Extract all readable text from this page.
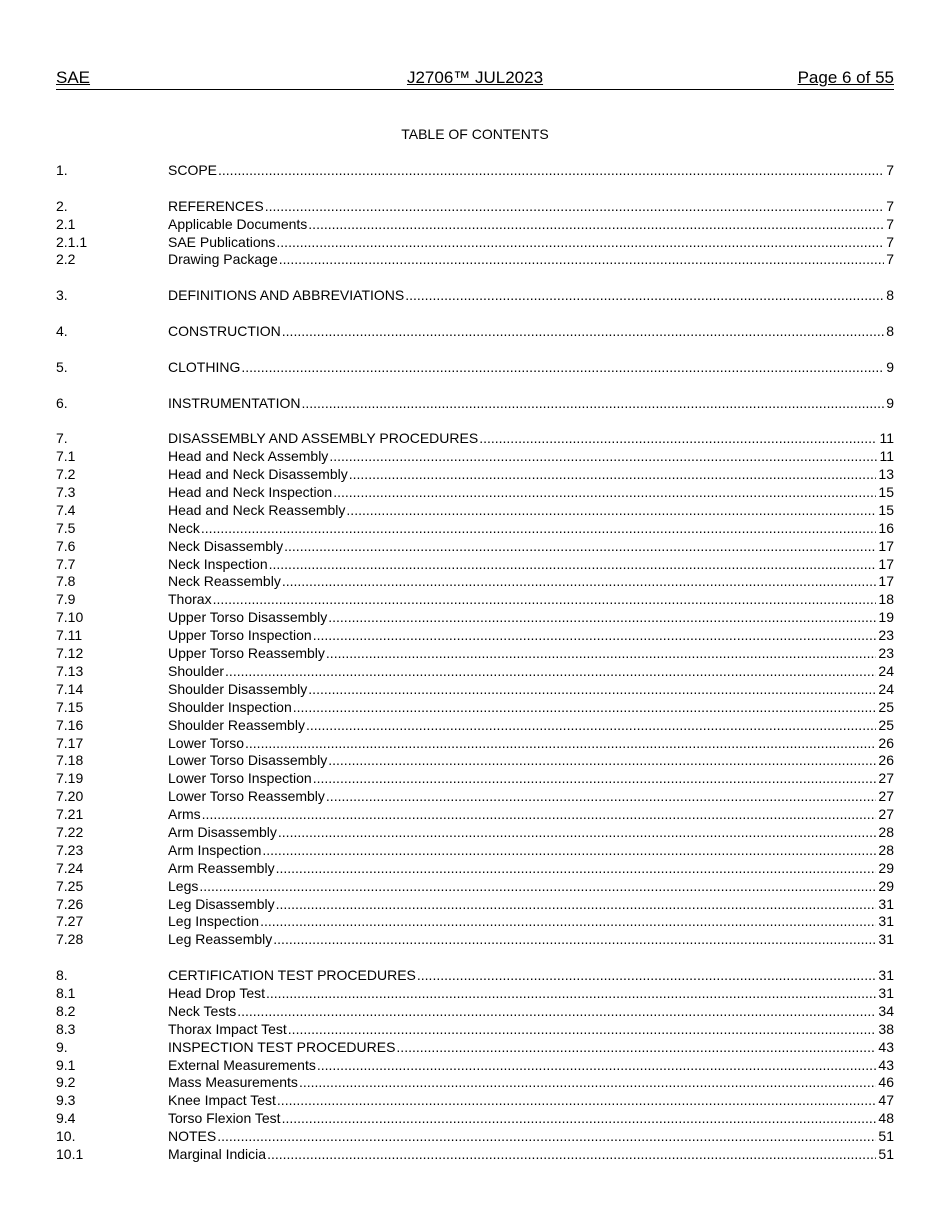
SAE	J2706™ JUL2023	Page 6 of 55
TABLE OF CONTENTS
1.	SCOPE .....	7
2.	REFERENCES .....	7
2.1	Applicable Documents .....	7
2.1.1	SAE Publications .....	7
2.2	Drawing Package .....	7
3.	DEFINITIONS AND ABBREVIATIONS .....	8
4.	CONSTRUCTION .....	8
5.	CLOTHING .....	9
6.	INSTRUMENTATION .....	9
7.	DISASSEMBLY AND ASSEMBLY PROCEDURES .....	11
7.1	Head and Neck Assembly .....	11
7.2	Head and Neck Disassembly .....	13
7.3	Head and Neck Inspection .....	15
7.4	Head and Neck Reassembly .....	15
7.5	Neck .....	16
7.6	Neck Disassembly .....	17
7.7	Neck Inspection .....	17
7.8	Neck Reassembly .....	17
7.9	Thorax .....	18
7.10	Upper Torso Disassembly .....	19
7.11	Upper Torso Inspection .....	23
7.12	Upper Torso Reassembly .....	23
7.13	Shoulder .....	24
7.14	Shoulder Disassembly .....	24
7.15	Shoulder Inspection .....	25
7.16	Shoulder Reassembly .....	25
7.17	Lower Torso .....	26
7.18	Lower Torso Disassembly .....	26
7.19	Lower Torso Inspection .....	27
7.20	Lower Torso Reassembly .....	27
7.21	Arms .....	27
7.22	Arm Disassembly .....	28
7.23	Arm Inspection .....	28
7.24	Arm Reassembly .....	29
7.25	Legs .....	29
7.26	Leg Disassembly .....	31
7.27	Leg Inspection .....	31
7.28	Leg Reassembly .....	31
8.	CERTIFICATION TEST PROCEDURES .....	31
8.1	Head Drop Test .....	31
8.2	Neck Tests .....	34
8.3	Thorax Impact Test .....	38
9.	INSPECTION TEST PROCEDURES .....	43
9.1	External Measurements .....	43
9.2	Mass Measurements .....	46
9.3	Knee Impact Test .....	47
9.4	Torso Flexion Test .....	48
10.	NOTES .....	51
10.1	Marginal Indicia .....	51
